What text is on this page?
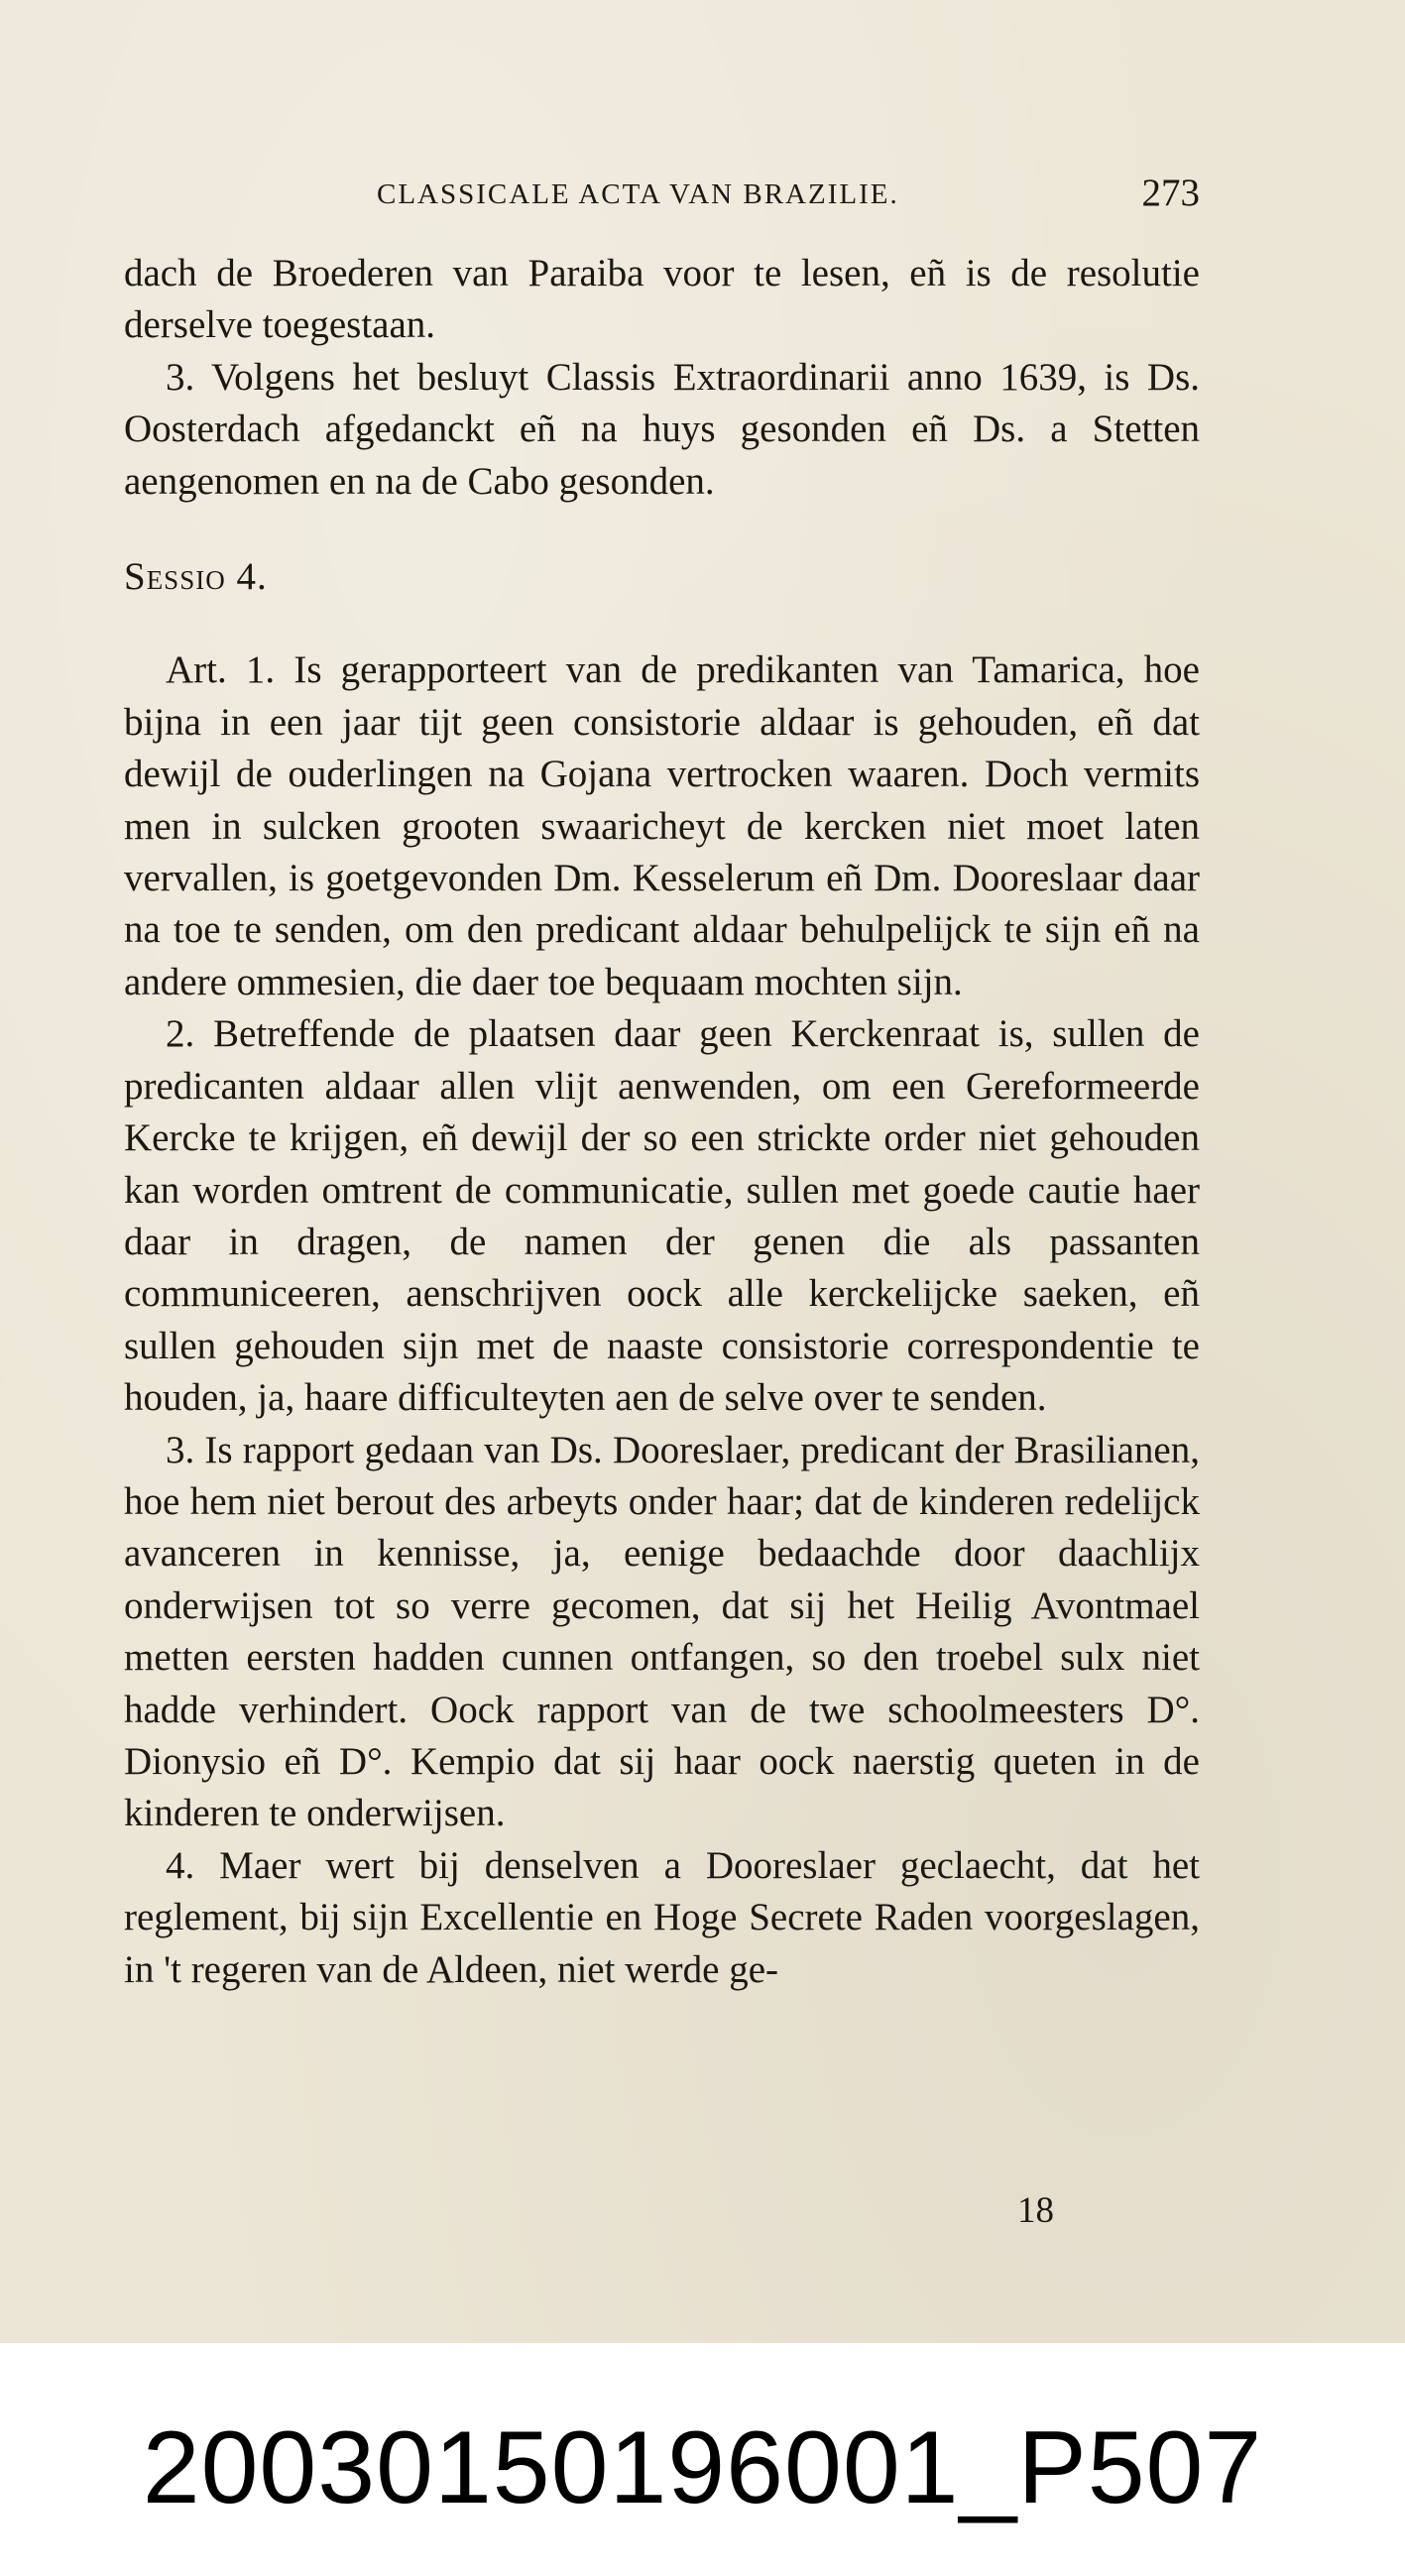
CLASSICALE ACTA VAN BRAZILIE.	273

dach de Broederen van Paraiba voor te lesen, eñ is de resolutie derselve toegestaan.

3. Volgens het besluyt Classis Extraordinarii anno 1639, is Ds. Oosterdach afgedanckt eñ na huys gesonden eñ Ds. a Stetten aengenomen en na de Cabo gesonden.

Sessio 4.

Art. 1. Is gerapporteert van de predikanten van Tamarica, hoe bijna in een jaar tijt geen consistorie aldaar is gehouden, eñ dat dewijl de ouderlingen na Gojana vertrocken waaren. Doch vermits men in sulcken grooten swaaricheyt de kercken niet moet laten vervallen, is goetgevonden Dm. Kesselerum eñ Dm. Dooreslaar daar na toe te senden, om den predicant aldaar behulpelijck te sijn eñ na andere ommesien, die daer toe bequaam mochten sijn.

2. Betreffende de plaatsen daar geen Kerckenraat is, sullen de predicanten aldaar allen vlijt aenwenden, om een Gereformeerde Kercke te krijgen, eñ dewijl der so een strickte order niet gehouden kan worden omtrent de communicatie, sullen met goede cautie haer daar in dragen, de namen der genen die als passanten communiceeren, aenschrijven oock alle kerckelijcke saeken, eñ sullen gehouden sijn met de naaste consistorie correspondentie te houden, ja, haare difficulteyten aen de selve over te senden.

3. Is rapport gedaan van Ds. Dooreslaer, predicant der Brasilianen, hoe hem niet berout des arbeyts onder haar; dat de kinderen redelijck avanceren in kennisse, ja, eenige bedaachde door daachlijx onderwijsen tot so verre gecomen, dat sij het Heilig Avontmael metten eersten hadden cunnen ontfangen, so den troebel sulx niet hadde verhindert. Oock rapport van de twe schoolmeesters D°. Dionysio eñ D°. Kempio dat sij haar oock naerstig queten in de kinderen te onderwijsen.

4. Maer wert bij denselven a Dooreslaer geclaecht, dat het reglement, bij sijn Excellentie en Hoge Secrete Raden voorgeslagen, in 't regeren van de Aldeen, niet werde ge-

18
20030150196001_P507
